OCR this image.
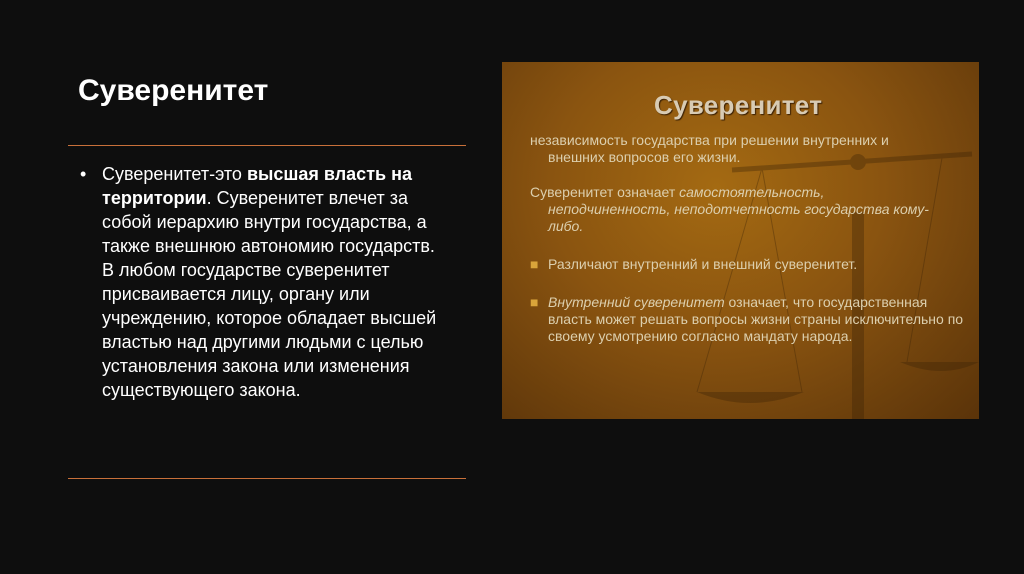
Суверенитет
• Суверенитет-это высшая власть на территории. Суверенитет влечет за собой иерархию внутри государства, а также внешнюю автономию государств. В любом государстве суверенитет присваивается лицу, органу или учреждению, которое обладает высшей властью над другими людьми с целью установления закона или изменения существующего закона.
Суверенитет
независимость государства при решении внутренних и

внешних вопросов его жизни.
Суверенитет означает самостоятельность,

неподчиненность, неподотчетность государства кому-
либо.
■ Различают внутренний и внешний суверенитет.
■ Внутренний суверенитет означает, что государственная власть может решать вопросы жизни страны исключительно по своему усмотрению согласно мандату народа.
